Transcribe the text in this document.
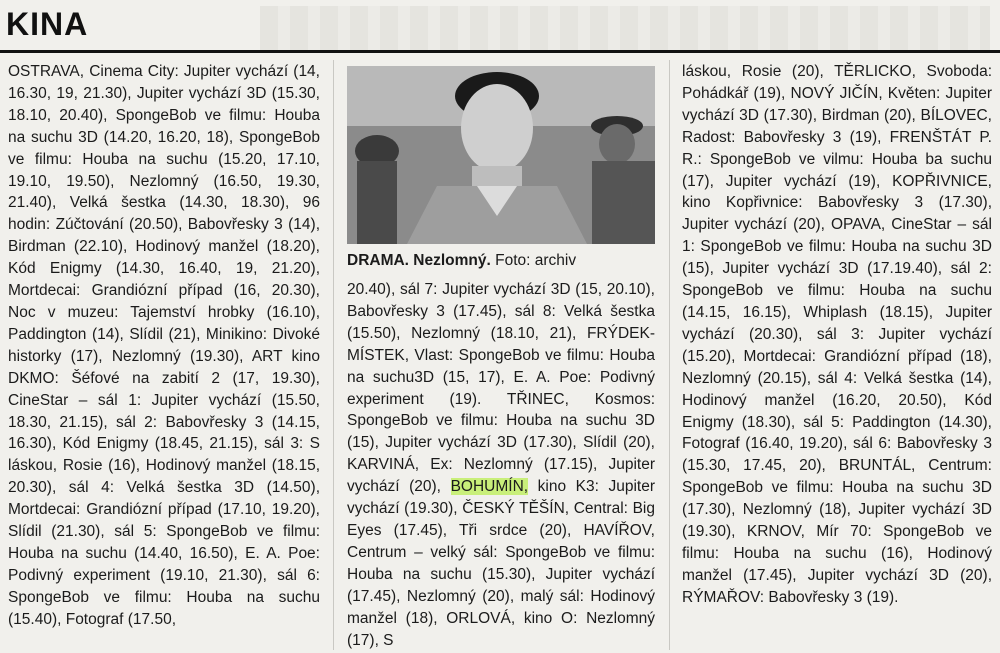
KINA
OSTRAVA, Cinema City: Jupiter vychází (14, 16.30, 19, 21.30), Jupiter vychází 3D (15.30, 18.10, 20.40), SpongeBob ve filmu: Houba na suchu 3D (14.20, 16.20, 18), SpongeBob ve filmu: Houba na suchu (15.20, 17.10, 19.10, 19.50), Nezlomný (16.50, 19.30, 21.40), Velká šestka (14.30, 18.30), 96 hodin: Zúčtování (20.50), Babovřesky 3 (14), Birdman (22.10), Hodinový manžel (18.20), Kód Enigmy (14.30, 16.40, 19, 21.20), Mortdecai: Grandiózní případ (16, 20.30), Noc v muzeu: Tajemství hrobky (16.10), Paddington (14), Slídil (21), Minikino: Divoké historky (17), Nezlomný (19.30), ART kino DKMO: Šéfové na zabití 2 (17, 19.30), CineStar – sál 1: Jupiter vychází (15.50, 18.30, 21.15), sál 2: Babovřesky 3 (14.15, 16.30), Kód Enigmy (18.45, 21.15), sál 3: S láskou, Rosie (16), Hodinový manžel (18.15, 20.30), sál 4: Velká šestka 3D (14.50), Mortdecai: Grandiózní případ (17.10, 19.20), Slídil (21.30), sál 5: SpongeBob ve filmu: Houba na suchu (14.40, 16.50), E. A. Poe: Podivný experiment (19.10, 21.30), sál 6: SpongeBob ve filmu: Houba na suchu (15.40), Fotograf (17.50,
DRAMA. Nezlomný. Foto: archiv
20.40), sál 7: Jupiter vychází 3D (15, 20.10), Babovřesky 3 (17.45), sál 8: Velká šestka (15.50), Nezlomný (18.10, 21), FRÝDEK-MÍSTEK, Vlast: SpongeBob ve filmu: Houba na suchu3D (15, 17), E. A. Poe: Podivný experiment (19). TŘINEC, Kosmos: SpongeBob ve filmu: Houba na suchu 3D (15), Jupiter vychází 3D (17.30), Slídil (20), KARVINÁ, Ex: Nezlomný (17.15), Jupiter vychází (20), BOHUMÍN, kino K3: Jupiter vychází (19.30), ČESKÝ TĚŠÍN, Central: Big Eyes (17.45), Tři srdce (20), HAVÍŘOV, Centrum – velký sál: SpongeBob ve filmu: Houba na suchu (15.30), Jupiter vychází (17.45), Nezlomný (20), malý sál: Hodinový manžel (18), ORLOVÁ, kino O: Nezlomný (17), S
láskou, Rosie (20), TĚRLICKO, Svoboda: Pohádkář (19), NOVÝ JIČÍN, Květen: Jupiter vychází 3D (17.30), Birdman (20), BÍLOVEC, Radost: Babovřesky 3 (19), FRENŠTÁT P. R.: SpongeBob ve vilmu: Houba ba suchu (17), Jupiter vychází (19), KOPŘIVNICE, kino Kopřivnice: Babovřesky 3 (17.30), Jupiter vychází (20), OPAVA, CineStar – sál 1: SpongeBob ve filmu: Houba na suchu 3D (15), Jupiter vychází 3D (17.19.40), sál 2: SpongeBob ve filmu: Houba na suchu (14.15, 16.15), Whiplash (18.15), Jupiter vychází (20.30), sál 3: Jupiter vychází (15.20), Mortdecai: Grandiózní případ (18), Nezlomný (20.15), sál 4: Velká šestka (14), Hodinový manžel (16.20, 20.50), Kód Enigmy (18.30), sál 5: Paddington (14.30), Fotograf (16.40, 19.20), sál 6: Babovřesky 3 (15.30, 17.45, 20), BRUNTÁL, Centrum: SpongeBob ve filmu: Houba na suchu 3D (17.30), Nezlomný (18), Jupiter vychází 3D (19.30), KRNOV, Mír 70: SpongeBob ve filmu: Houba na suchu (16), Hodinový manžel (17.45), Jupiter vychází 3D (20), RÝMAŘOV: Babovřesky 3 (19).
